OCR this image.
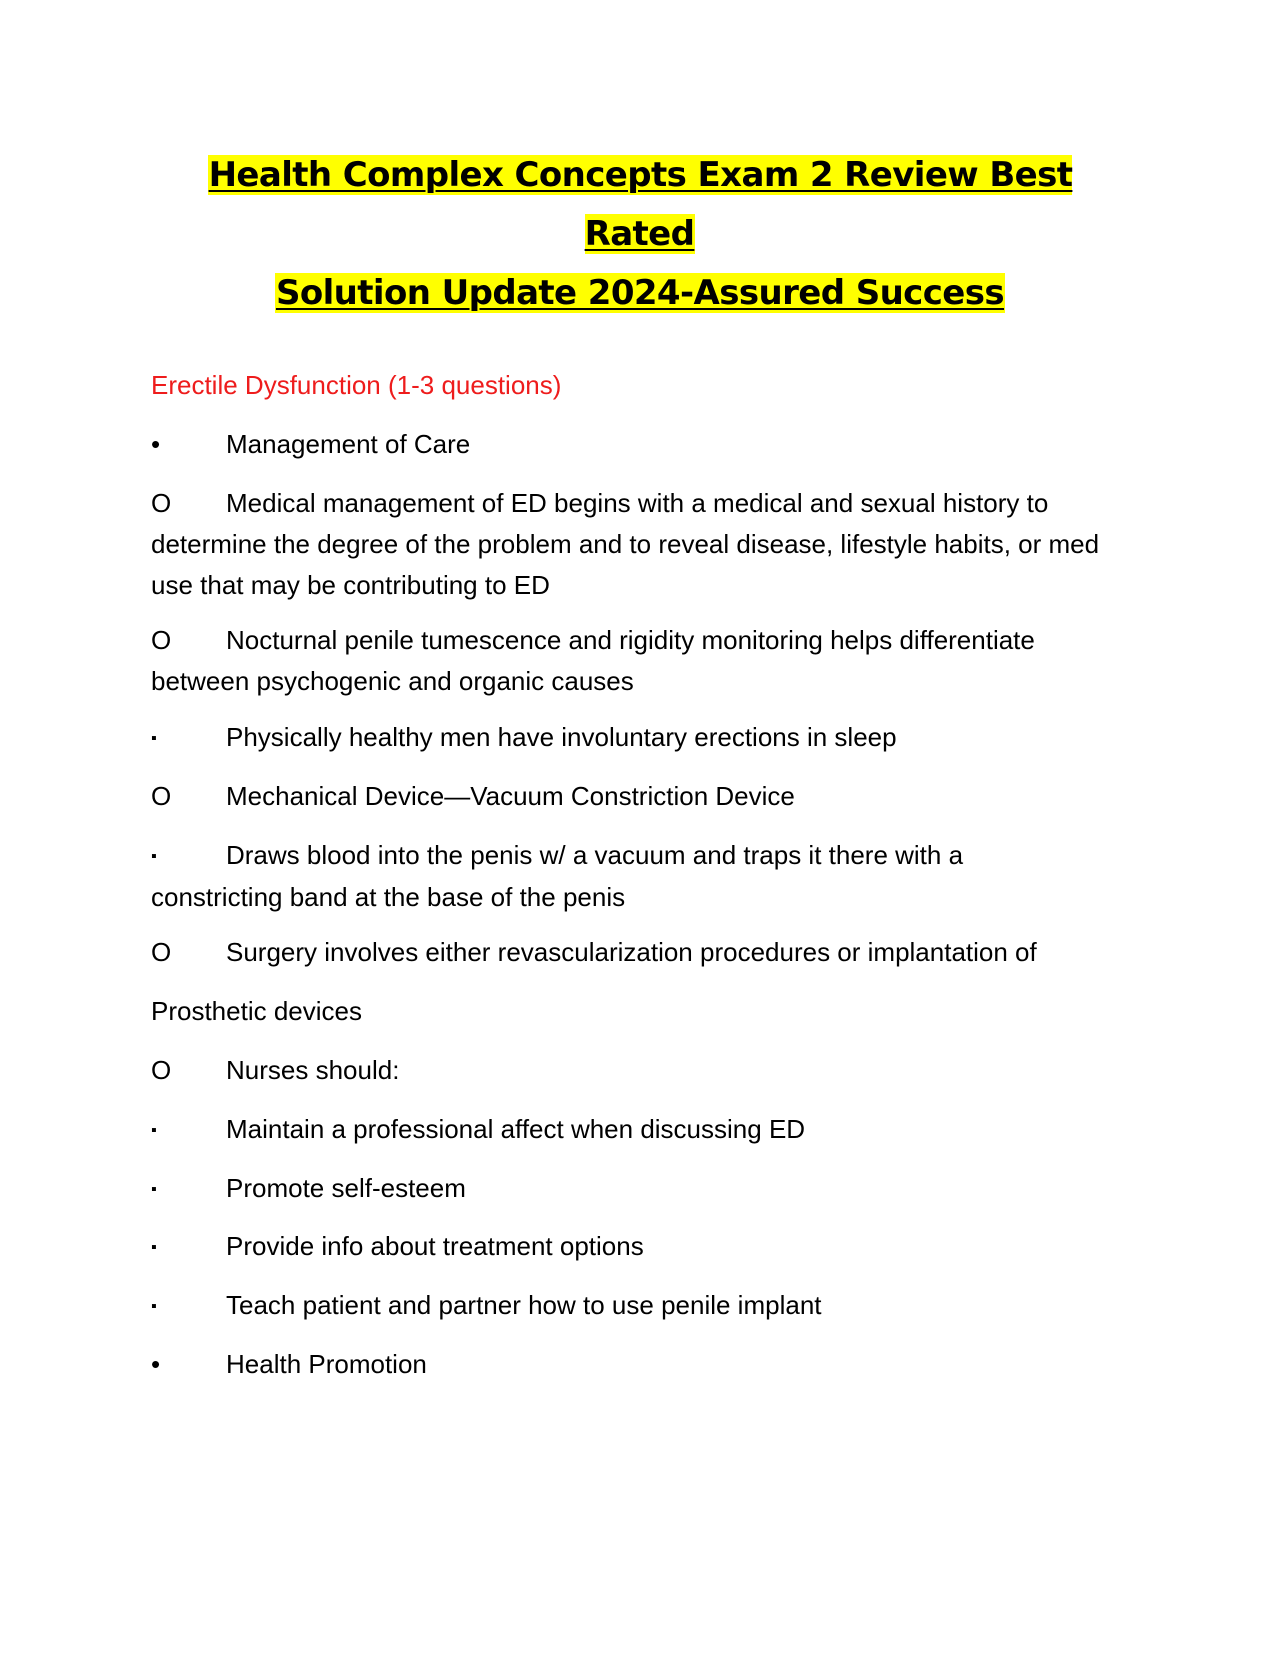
Health Complex Concepts Exam 2 Review Best Rated
Solution Update 2024-Assured Success
Erectile Dysfunction (1-3 questions)
•	Management of Care
O Medical management of ED begins with a medical and sexual history to determine the degree of the problem and to reveal disease, lifestyle habits, or med use that may be contributing to ED
O Nocturnal penile tumescence and rigidity monitoring helps differentiate between psychogenic and organic causes
▪	Physically healthy men have involuntary erections in sleep
O Mechanical Device—Vacuum Constriction Device
▪	Draws blood into the penis w/ a vacuum and traps it there with a constricting band at the base of the penis
O Surgery involves either revascularization procedures or implantation of
Prosthetic devices
O Nurses should:
▪	Maintain a professional affect when discussing ED
▪	Promote self-esteem
▪	Provide info about treatment options
▪	Teach patient and partner how to use penile implant
•	Health Promotion
